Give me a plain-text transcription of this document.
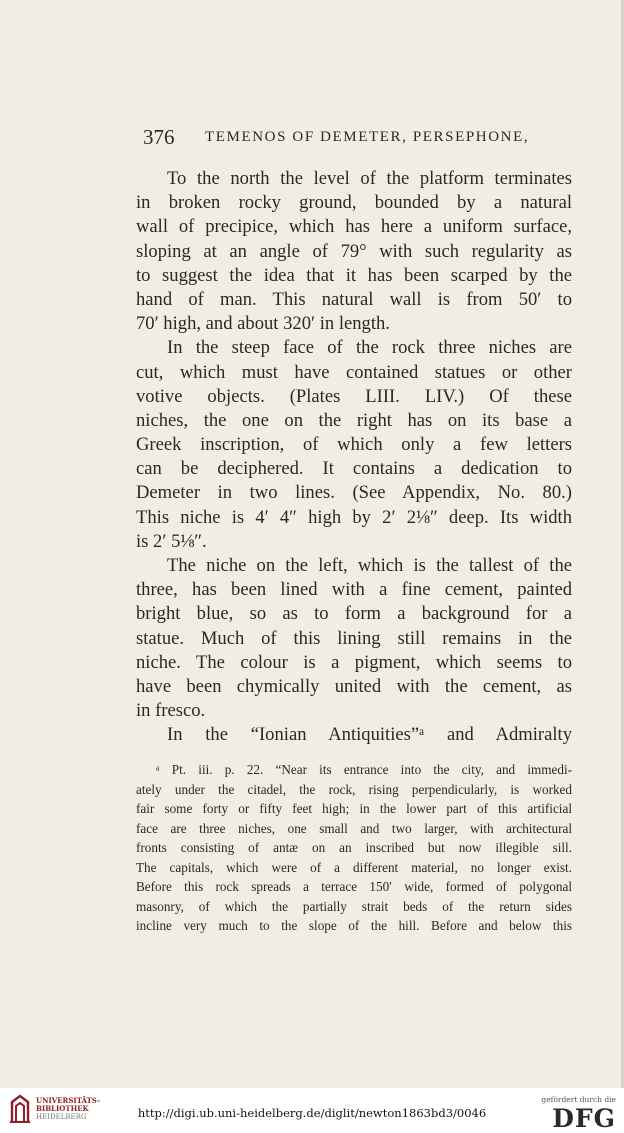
376 TEMENOS OF DEMETER, PERSEPHONE,
To the north the level of the platform terminates
in broken rocky ground, bounded by a natural
wall of precipice, which has here a uniform surface,
sloping at an angle of 79° with such regularity as
to suggest the idea that it has been scarped by the
hand of man. This natural wall is from 50′ to
70′ high, and about 320′ in length.
In the steep face of the rock three niches are
cut, which must have contained statues or other
votive objects. (Plates LIII. LIV.) Of these
niches, the one on the right has on its base a
Greek inscription, of which only a few letters
can be deciphered. It contains a dedication to
Demeter in two lines. (See Appendix, No. 80.)
This niche is 4′ 4″ high by 2′ 2⅛″ deep. Its width
is 2′ 5⅛″.
The niche on the left, which is the tallest of the
three, has been lined with a fine cement, painted
bright blue, so as to form a background for a
statue. Much of this lining still remains in the
niche. The colour is a pigment, which seems to
have been chymically united with the cement, as
in fresco.
In the “Ionian Antiquities”ᵃ and Admiralty
ᵃ Pt. iii. p. 22. “Near its entrance into the city, and immedi-
ately under the citadel, the rock, rising perpendicularly, is worked
fair some forty or fifty feet high; in the lower part of this artificial
face are three niches, one small and two larger, with architectural
fronts consisting of antæ on an inscribed but now illegible sill.
The capitals, which were of a different material, no longer exist.
Before this rock spreads a terrace 150′ wide, formed of polygonal
masonry, of which the partially strait beds of the return sides
incline very much to the slope of the hill. Before and below this
UNIVERSITÄTS-
BIBLIOTHEK
HEIDELBERG	http://digi.ub.uni-heidelberg.de/diglit/newton1863bd3/0046
gefördert durch die
DFG
